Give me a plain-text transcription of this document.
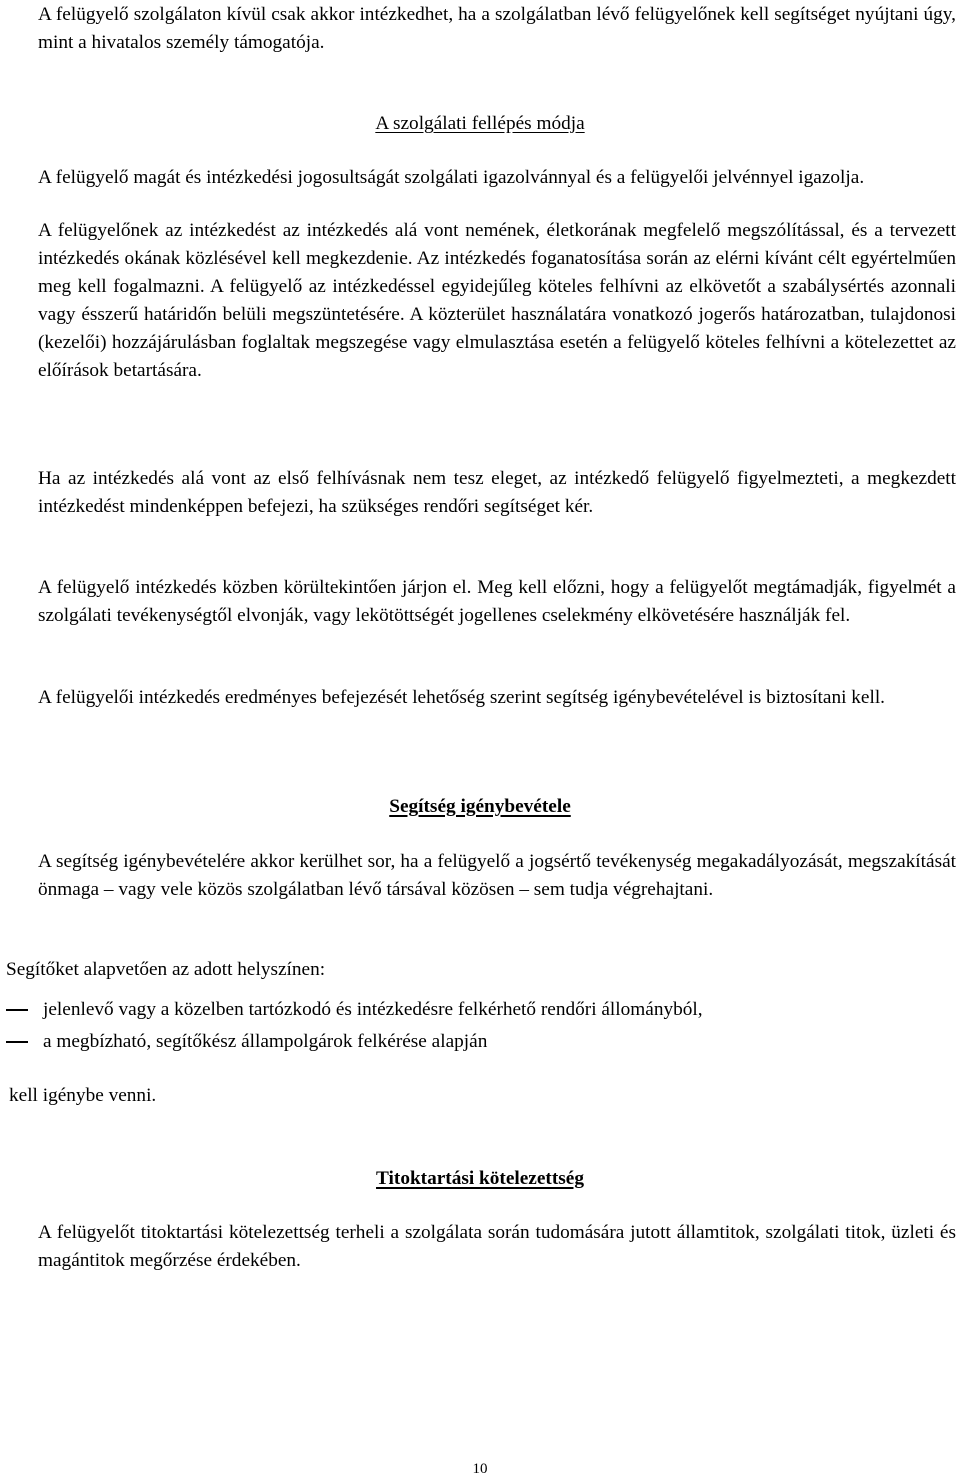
A felügyelő szolgálaton kívül csak akkor intézkedhet, ha a szolgálatban lévő felügyelőnek kell segítséget nyújtani úgy, mint a hivatalos személy támogatója.

A szolgálati fellépés módja

A felügyelő magát és intézkedési jogosultságát szolgálati igazolvánnyal és a felügyelői jelvénnyel igazolja.

A felügyelőnek az intézkedést az intézkedés alá vont nemének, életkorának megfelelő megszólítással, és a tervezett intézkedés okának közlésével kell megkezdenie. Az intézkedés foganatosítása során az elérni kívánt célt egyértelműen meg kell fogalmazni. A felügyelő az intézkedéssel egyidejűleg köteles felhívni az elkövetőt a szabálysértés azonnali vagy ésszerű határidőn belüli megszüntetésére. A közterület használatára vonatkozó jogerős határozatban, tulajdonosi (kezelői) hozzájárulásban foglaltak megszegése vagy elmulasztása esetén a felügyelő köteles felhívni a kötelezettet az előírások betartására.

Ha az intézkedés alá vont az első felhívásnak nem tesz eleget, az intézkedő felügyelő figyelmezteti, a megkezdett intézkedést mindenképpen befejezi, ha szükséges rendőri segítséget kér.

A felügyelő intézkedés közben körültekintően járjon el. Meg kell előzni, hogy a felügyelőt megtámadják, figyelmét a szolgálati tevékenységtől elvonják, vagy lekötöttségét jogellenes cselekmény elkövetésére használják fel.

A felügyelői intézkedés eredményes befejezését lehetőség szerint segítség igénybevételével is biztosítani kell.

Segítség igénybevétele

A segítség igénybevételére akkor kerülhet sor, ha a felügyelő a jogsértő tevékenység megakadályozását, megszakítását önmaga – vagy vele közös szolgálatban lévő társával közösen – sem tudja végrehajtani.

Segítőket alapvetően az adott helyszínen:

jelenlevő vagy a közelben tartózkodó és intézkedésre felkérhető rendőri állományból,
a megbízható, segítőkész állampolgárok felkérése alapján

kell igénybe venni.

Titoktartási kötelezettség

A felügyelőt titoktartási kötelezettség terheli a szolgálata során tudomására jutott államtitok, szolgálati titok, üzleti és magántitok megőrzése érdekében.

10
